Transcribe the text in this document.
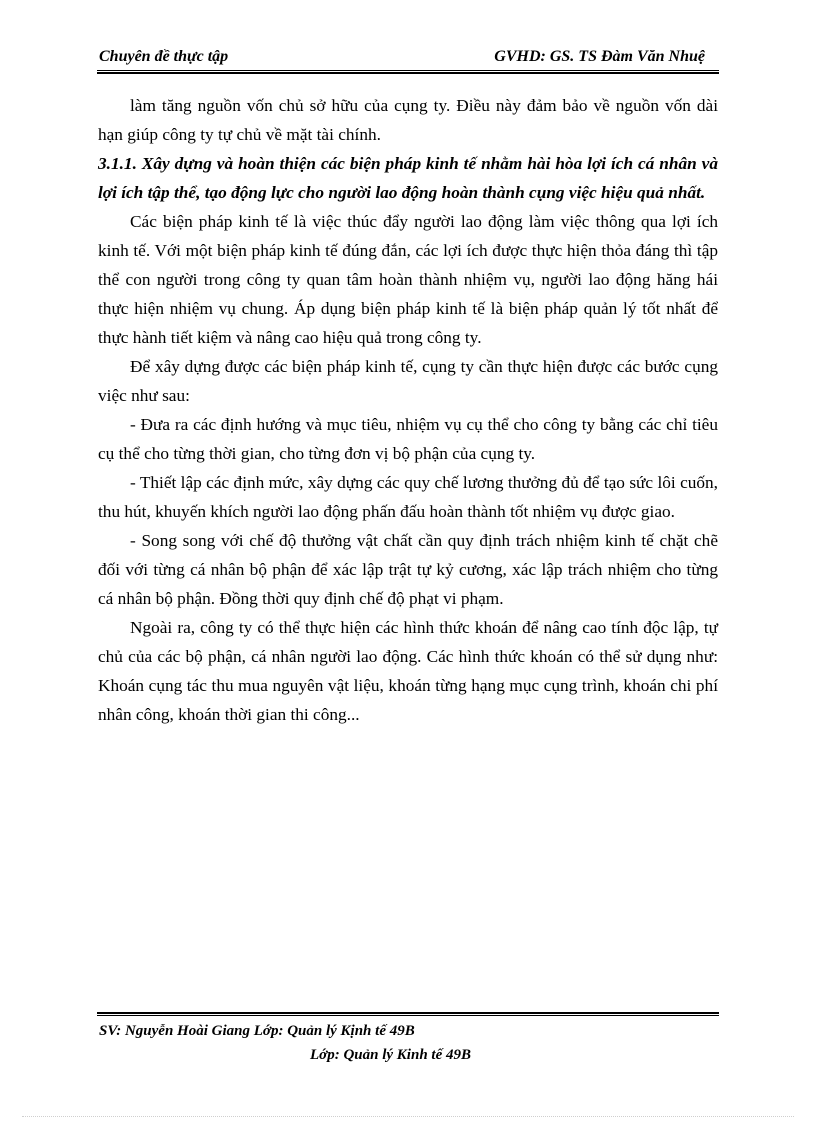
Chuyên đề thực tập	GVHD: GS. TS Đàm Văn Nhuệ

làm tăng nguồn vốn chủ sở hữu của cụng ty. Điều này đảm bảo về nguồn vốn dài hạn giúp công ty tự chủ về mặt tài chính.

3.1.1. Xây dựng và hoàn thiện các biện pháp kinh tế nhằm hài hòa lợi ích cá nhân và lợi ích tập thể, tạo động lực cho người lao động hoàn thành cụng việc hiệu quả nhất.

Các biện pháp kinh tế là việc thúc đẩy người lao động làm việc thông qua lợi ích kinh tế. Với một biện pháp kinh tế đúng đắn, các lợi ích được thực hiện thỏa đáng thì tập thể con người trong công ty quan tâm hoàn thành nhiệm vụ, người lao động hăng hái thực hiện nhiệm vụ chung. Áp dụng biện pháp kinh tế là biện pháp quản lý tốt nhất để thực hành tiết kiệm và nâng cao hiệu quả trong công ty.

Để xây dựng được các biện pháp kinh tế, cụng ty cần thực hiện được các bước cụng việc như sau:

- Đưa ra các định hướng và mục tiêu, nhiệm vụ cụ thể cho công ty bằng các chỉ tiêu cụ thể cho từng thời gian, cho từng đơn vị bộ phận của cụng ty.

- Thiết lập các định mức, xây dựng các quy chế lương thưởng đủ để tạo sức lôi cuốn, thu hút, khuyến khích người lao động phấn đấu hoàn thành tốt nhiệm vụ được giao.

- Song song với chế độ thưởng vật chất cần quy định trách nhiệm kinh tế chặt chẽ đối với từng cá nhân bộ phận để xác lập trật tự kỷ cương, xác lập trách nhiệm cho từng cá nhân bộ phận. Đồng thời quy định chế độ phạt vi phạm.

Ngoài ra, công ty có thể thực hiện các hình thức khoán để nâng cao tính độc lập, tự chủ của các bộ phận, cá nhân người lao động. Các hình thức khoán có thể sử dụng như: Khoán cụng tác thu mua nguyên vật liệu, khoán từng hạng mục cụng trình, khoán chi phí nhân công, khoán thời gian thi công...

SV: Nguyễn Hoài Giang Lớp: Quản lý Kịnh tế 49B
Lớp: Quản lý Kinh tế 49B
